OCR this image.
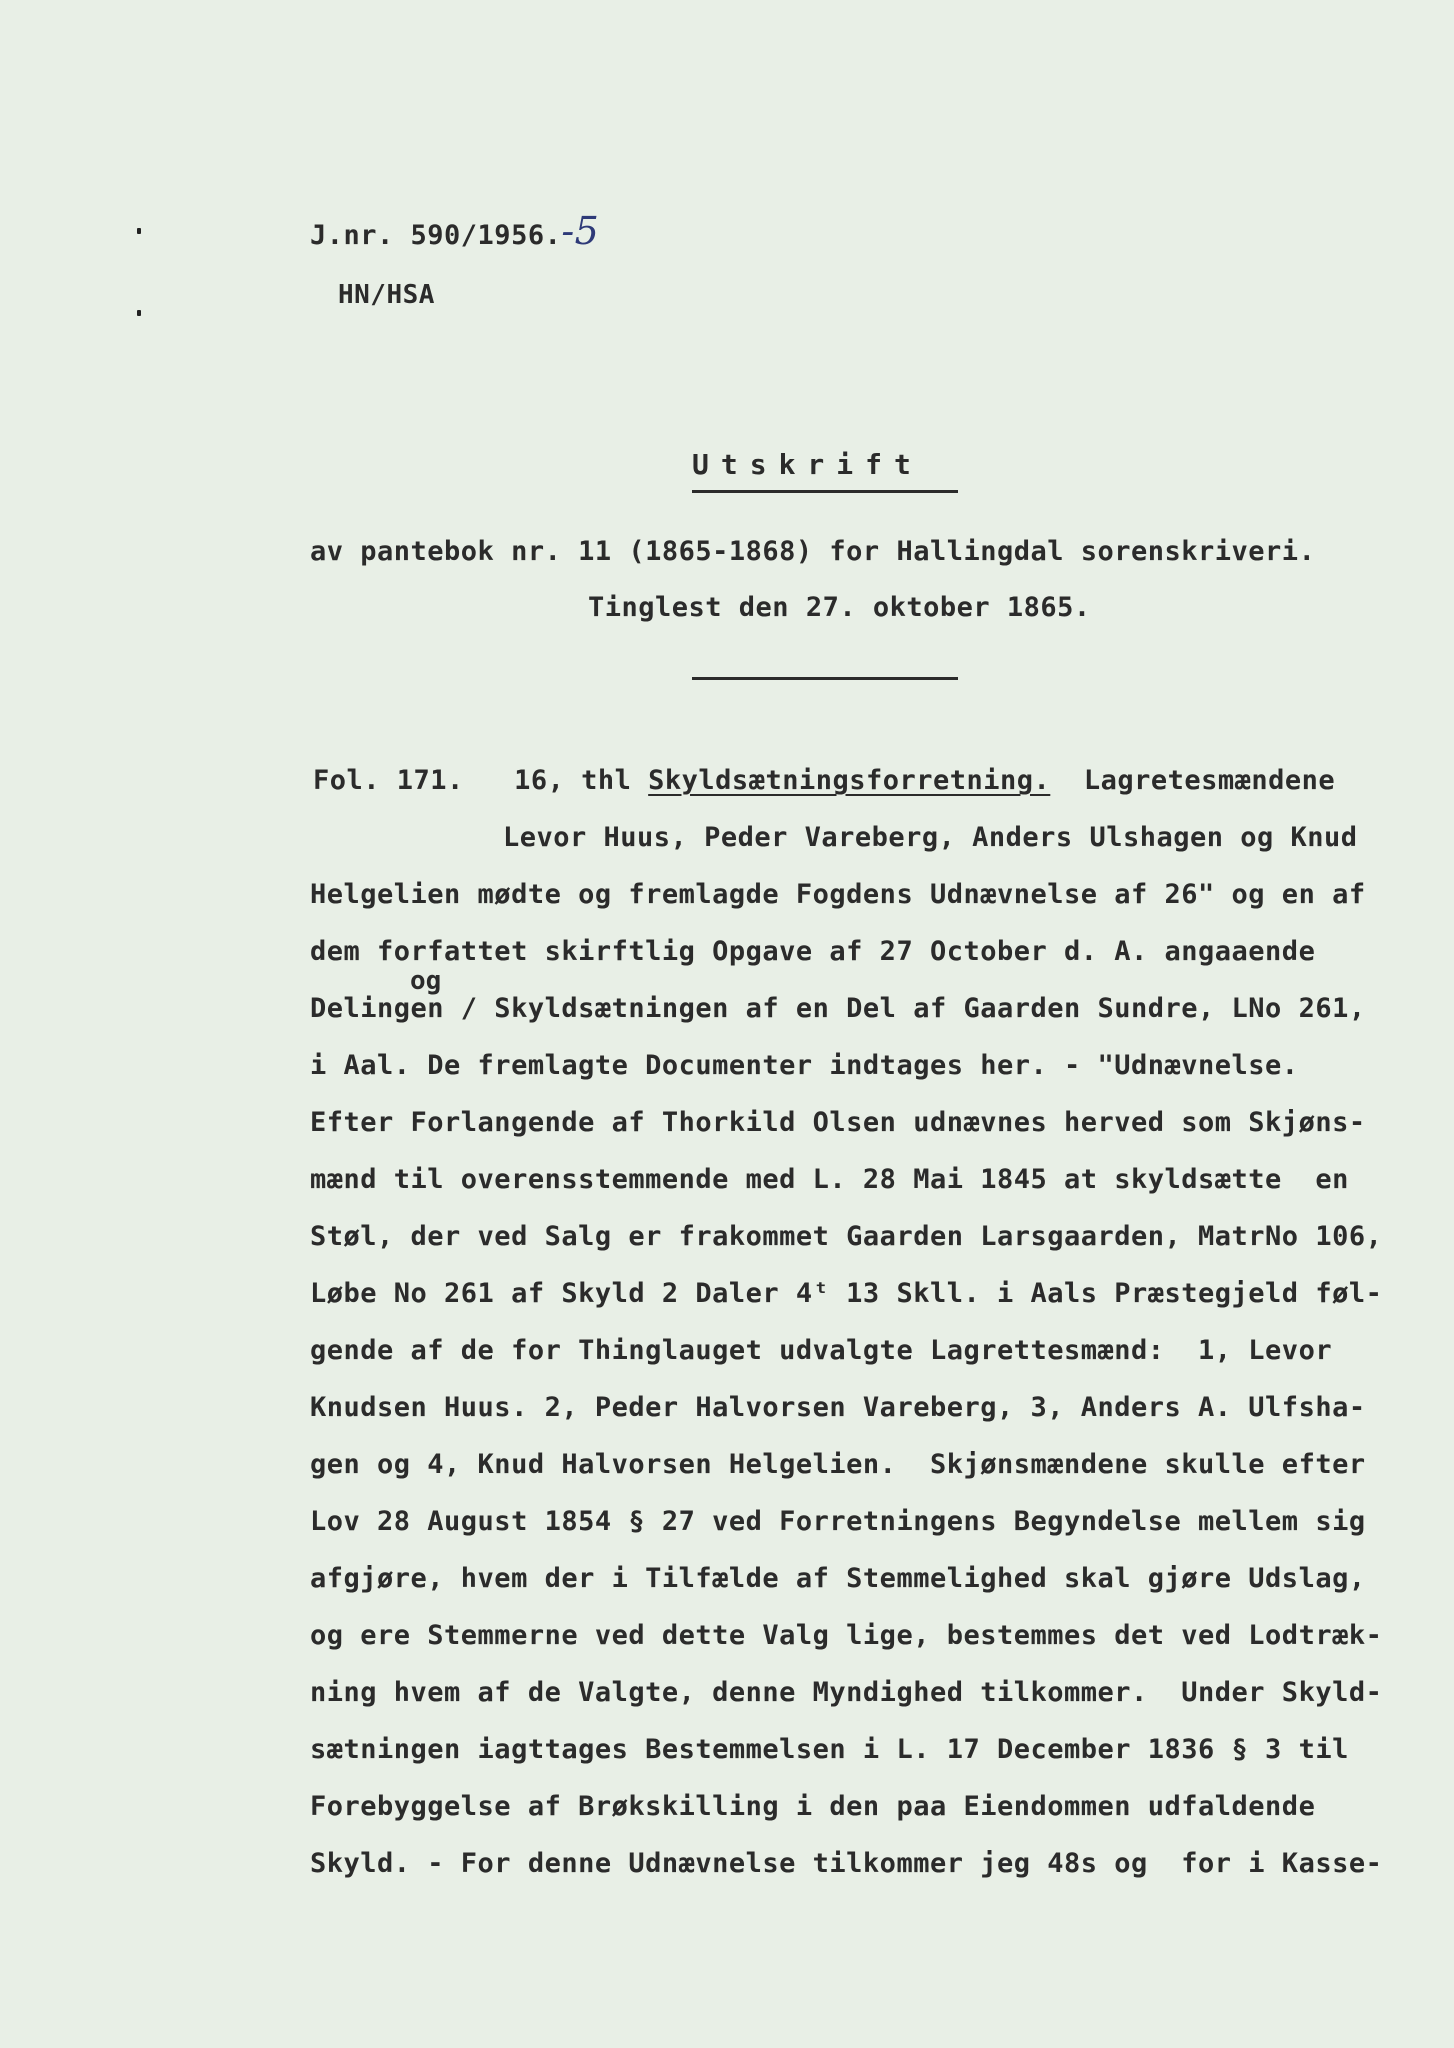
J.nr. 590/1956.-5
HN/HSA
Utskrift
av pantebok nr. 11 (1865-1868) for Hallingdal sorenskriveri.
Tinglest den 27. oktober 1865.
Fol. 171. 16, thl Skyldsætningsforretning. Lagretesmændene
Levor Huus, Peder Vareberg, Anders Ulshagen og Knud
Helgelien mødte og fremlagde Fogdens Udnævnelse af 26" og en af
dem forfattet skirftlig Opgave af 27 October d. A. angaaende
og
Delingen / Skyldsætningen af en Del af Gaarden Sundre, LNo 261,
i Aal. De fremlagte Documenter indtages her. - "Udnævnelse.
Efter Forlangende af Thorkild Olsen udnævnes herved som Skjøns-
mænd til overensstemmende med L. 28 Mai 1845 at skyldsætte  en
Støl, der ved Salg er frakommet Gaarden Larsgaarden, MatrNo 106,
Løbe No 261 af Skyld 2 Daler 4ᵗ 13 Skll. i Aals Præstegjeld føl-
gende af de for Thinglauget udvalgte Lagrettesmænd:  1, Levor
Knudsen Huus. 2, Peder Halvorsen Vareberg, 3, Anders A. Ulfsha-
gen og 4, Knud Halvorsen Helgelien.  Skjønsmændene skulle efter
Lov 28 August 1854 § 27 ved Forretningens Begyndelse mellem sig
afgjøre, hvem der i Tilfælde af Stemmelighed skal gjøre Udslag,
og ere Stemmerne ved dette Valg lige, bestemmes det ved Lodtræk-
ning hvem af de Valgte, denne Myndighed tilkommer.  Under Skyld-
sætningen iagttages Bestemmelsen i L. 17 December 1836 § 3 til
Forebyggelse af Brøkskilling i den paa Eiendommen udfaldende
Skyld. - For denne Udnævnelse tilkommer jeg 48s og  for i Kasse-
